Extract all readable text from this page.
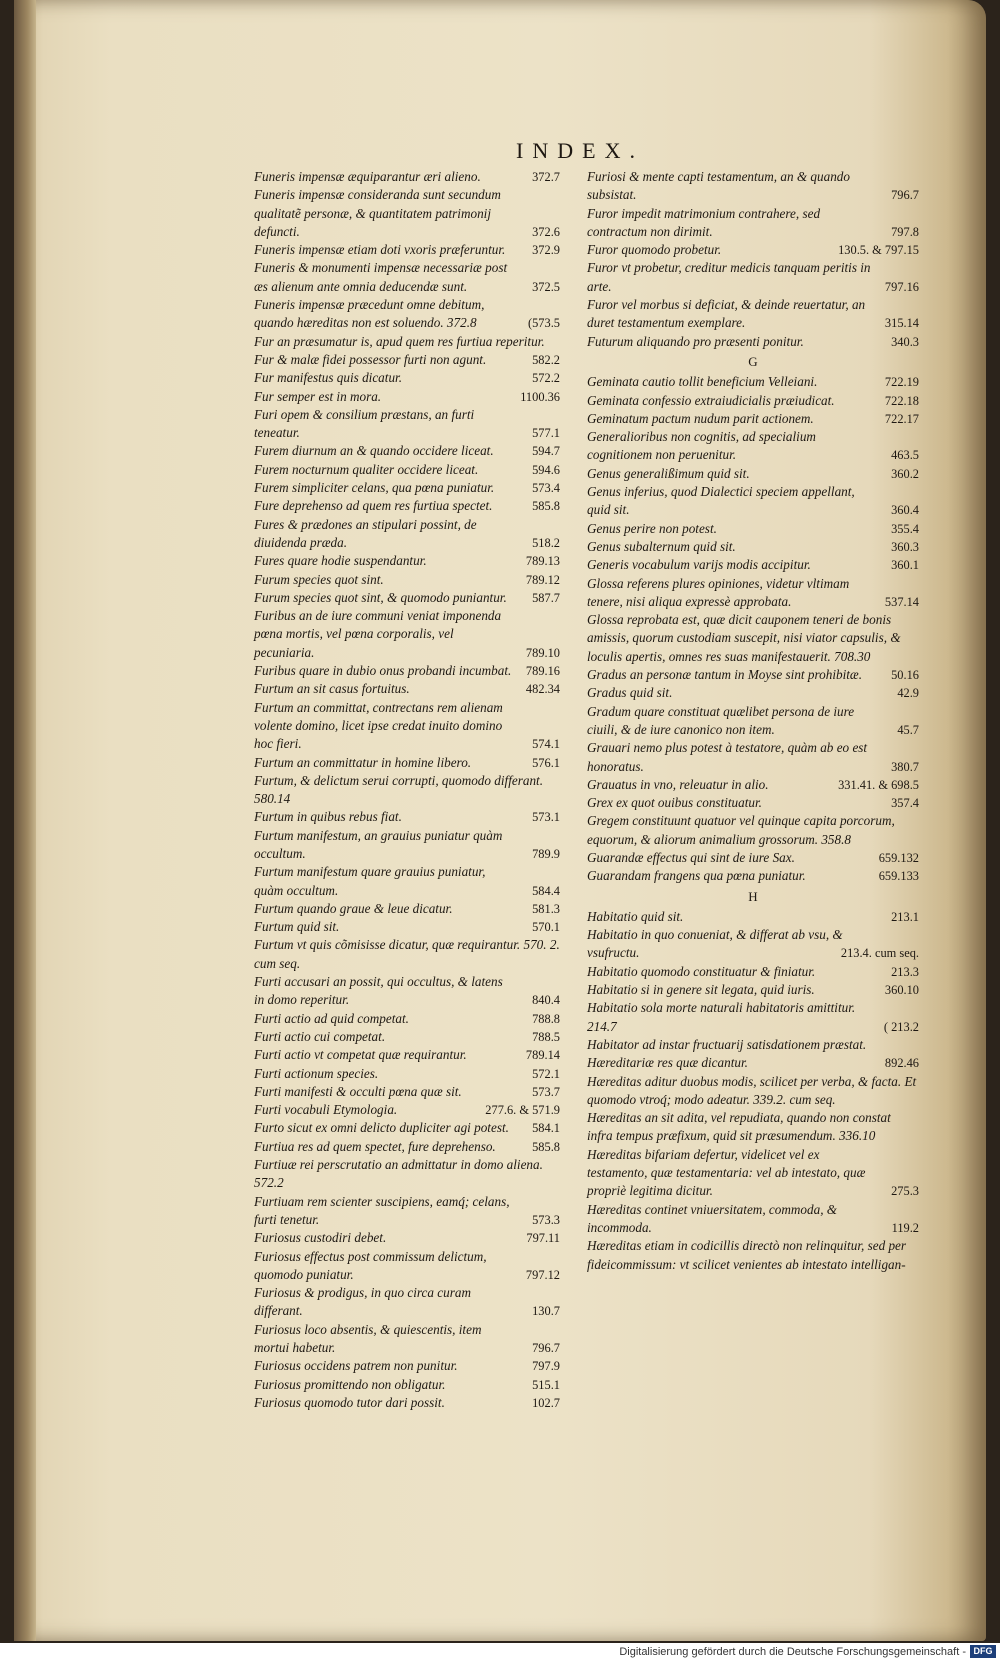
INDEX.

Funeris impensæ æquiparantur æri alieno.	372.7

Funeris impensæ consideranda sunt secundum qualitatẽ personæ, & quantitatem patrimonij defuncti.	372.6

Funeris impensæ etiam doti vxoris præferuntur.	372.9

Funeris & monumenti impensæ necessariæ post æs alienum ante omnia deducendæ sunt.	372.5

Funeris impensæ præcedunt omne debitum, quando hæreditas non est soluendo. 372.8	(573.5

Fur an præsumatur is, apud quem res furtiua reperitur.

Fur & malæ fidei possessor furti non agunt.	582.2

Fur manifestus quis dicatur.	572.2

Fur semper est in mora.	1100.36

Furi opem & consilium præstans, an furti teneatur.	577.1

Furem diurnum an & quando occidere liceat.	594.7

Furem nocturnum qualiter occidere liceat.	594.6

Furem simpliciter celans, qua pœna puniatur.	573.4

Fure deprehenso ad quem res furtiua spectet.	585.8

Fures & prædones an stipulari possint, de diuidenda præda.	518.2

Fures quare hodie suspendantur.	789.13

Furum species quot sint.	789.12

Furum species quot sint, & quomodo puniantur.	587.7

Furibus an de iure communi veniat imponenda pœna mortis, vel pœna corporalis, vel pecuniaria.	789.10

Furibus quare in dubio onus probandi incumbat.	789.16

Furtum an sit casus fortuitus.	482.34

Furtum an committat, contrectans rem alienam volente domino, licet ipse credat inuito domino hoc fieri.	574.1

Furtum an committatur in homine libero.	576.1

Furtum, & delictum serui corrupti, quomodo differant. 580.14

Furtum in quibus rebus fiat.	573.1

Furtum manifestum, an grauius puniatur quàm occultum.	789.9

Furtum manifestum quare grauius puniatur, quàm occultum.	584.4

Furtum quando graue & leue dicatur.	581.3

Furtum quid sit.	570.1

Furtum vt quis cõmisisse dicatur, quæ requirantur. 570. 2. cum seq.

Furti accusari an possit, qui occultus, & latens in domo reperitur.	840.4

Furti actio ad quid competat.	788.8

Furti actio cui competat.	788.5

Furti actio vt competat quæ requirantur.	789.14

Furti actionum species.	572.1

Furti manifesti & occulti pœna quæ sit.	573.7

Furti vocabuli Etymologia.	277.6. & 571.9

Furto sicut ex omni delicto dupliciter agi potest.	584.1

Furtiua res ad quem spectet, fure deprehenso.	585.8

Furtiuæ rei perscrutatio an admittatur in domo aliena. 572.2

Furtiuam rem scienter suscipiens, eamq́; celans, furti tenetur.	573.3

Furiosus custodiri debet.	797.11

Furiosus effectus post commissum delictum, quomodo puniatur.	797.12

Furiosus & prodigus, in quo circa curam differant.	130.7

Furiosus loco absentis, & quiescentis, item mortui habetur.	796.7

Furiosus occidens patrem non punitur.	797.9

Furiosus promittendo non obligatur.	515.1

Furiosus quomodo tutor dari possit.	102.7

Furiosi & mente capti testamentum, an & quando subsistat.	796.7

Furor impedit matrimonium contrahere, sed contractum non dirimit.	797.8

Furor quomodo probetur.	130.5. & 797.15

Furor vt probetur, creditur medicis tanquam peritis in arte.	797.16

Furor vel morbus si deficiat, & deinde reuertatur, an duret testamentum exemplare.	315.14

Futurum aliquando pro præsenti ponitur.	340.3

G

Geminata cautio tollit beneficium Velleiani.	722.19

Geminata confessio extraiudicialis præiudicat.	722.18

Geminatum pactum nudum parit actionem.	722.17

Generalioribus non cognitis, ad specialium cognitionem non peruenitur.	463.5

Genus generalißimum quid sit.	360.2

Genus inferius, quod Dialectici speciem appellant, quid sit.	360.4

Genus perire non potest.	355.4

Genus subalternum quid sit.	360.3

Generis vocabulum varijs modis accipitur.	360.1

Glossa referens plures opiniones, videtur vltimam tenere, nisi aliqua expressè approbata.	537.14

Glossa reprobata est, quæ dicit cauponem teneri de bonis amissis, quorum custodiam suscepit, nisi viator capsulis, & loculis apertis, omnes res suas manifestauerit. 708.30

Gradus an personæ tantum in Moyse sint prohibitæ.	50.16

Gradus quid sit.	42.9

Gradum quare constituat quælibet persona de iure ciuili, & de iure canonico non item.	45.7

Grauari nemo plus potest à testatore, quàm ab eo est honoratus.	380.7

Grauatus in vno, releuatur in alio.	331.41. & 698.5

Grex ex quot ouibus constituatur.	357.4

Gregem constituunt quatuor vel quinque capita porcorum, equorum, & aliorum animalium grossorum. 358.8

Guarandæ effectus qui sint de iure Sax.	659.132

Guarandam frangens qua pœna puniatur.	659.133

H

Habitatio quid sit.	213.1

Habitatio in quo conueniat, & differat ab vsu, & vsufructu.	213.4. cum seq.

Habitatio quomodo constituatur & finiatur.	213.3

Habitatio si in genere sit legata, quid iuris.	360.10

Habitatio sola morte naturali habitatoris amittitur. 214.7	( 213.2

Habitator ad instar fructuarij satisdationem præstat.

Hæreditariæ res quæ dicantur.	892.46

Hæreditas aditur duobus modis, scilicet per verba, & facta. Et quomodo vtroq́; modo adeatur. 339.2. cum seq.

Hæreditas an sit adita, vel repudiata, quando non constat infra tempus præfixum, quid sit præsumendum. 336.10

Hæreditas bifariam defertur, videlicet vel ex testamento, quæ testamentaria: vel ab intestato, quæ propriè legitima dicitur.	275.3

Hæreditas continet vniuersitatem, commoda, & incommoda.	119.2

Hæreditas etiam in codicillis directò non relinquitur, sed per fideicommissum: vt scilicet venientes ab intestato intelligan-

Digitalisierung gefördert durch die Deutsche Forschungsgemeinschaft - DFG
